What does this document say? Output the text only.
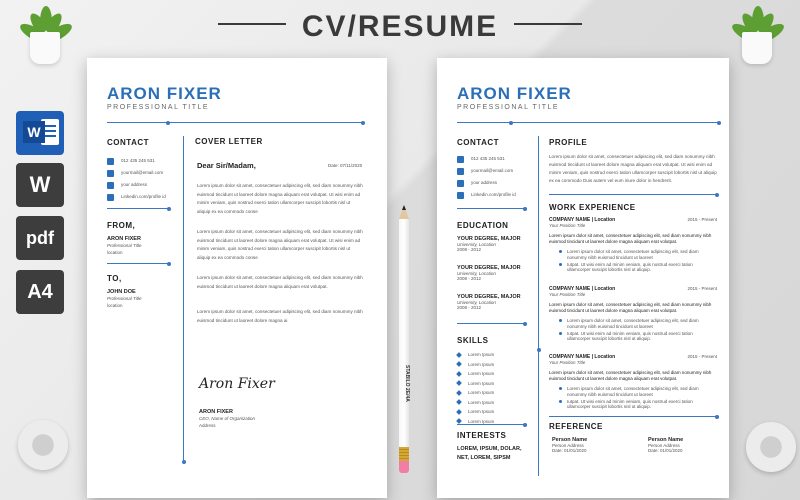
CV/RESUME
W
W
pdf
A4
ARON FIXER
PROFESSIONAL TITLE
CONTACT
012 435 245 531
yourmail@email.com
your address
Linkedin.com/profile id
FROM,
ARON FIXER
Professional Title
location
TO,
JOHN DOE
Professional Title
location
COVER LETTER
Dear Sir/Madam,	Date: 07/11/2020
Lorem ipsum dolor sit amet, consectetuer adipiscing elit, sed diam nonummy nibh euismod tincidunt ut laoreet dolore magna aliquam erat volutpat. Ut wisi enim ad minim veniam, quis nostrud exerci tation ullamcorper suscipit lobortis nisl ut aliquip ex ea commodo conse
Lorem ipsum dolor sit amet, consectetuer adipiscing elit, sed diam nonummy nibh euismod tincidunt ut laoreet dolore magna aliquam erat volutpat. Ut wisi enim ad minim veniam, quis nostrud exerci tation ullamcorper suscipit lobortis nisl ut aliquip ex ea commodo conse
Lorem ipsum dolor sit amet, consectetuer adipiscing elit, sed diam nonummy nibh euismod tincidunt ut laoreet dolore magna aliquam erat volutpat.
Lorem ipsum dolor sit amet, consectetuer adipiscing elit, sed diam nonummy nibh euismod tincidunt ut laoreet dolore magna ai
Aron Fixer
ARON FIXER
CEO, Name of Organization
Address
ARON FIXER
PROFESSIONAL TITLE
CONTACT
012 435 245 531
yourmail@email.com
your address
Linkedin.com/profile id
EDUCATION
YOUR DEGREE, MAJOR
University, Location
2008 - 2012
YOUR DEGREE, MAJOR
University, Location
2008 - 2012
YOUR DEGREE, MAJOR
University, Location
2008 - 2012
SKILLS
Lorem Ipsum
Lorem Ipsum
Lorem Ipsum
Lorem Ipsum
Lorem Ipsum
Lorem Ipsum
Lorem Ipsum
Lorem Ipsum
INTERESTS
LOREM, IPSUM, DOLAR, NET, LOREM, SIPSM
PROFILE
Lorem ipsum dolor sit amet, consectetuer adipiscing elit, sed diam nonummy nibh euismod tincidunt ut laoreet dolore magna aliquam erat volutpat. Ut wisi enim ad minim veniam, quis nostrud exerci tation ullamcorper suscipit lobortis nisl ut aliquip ex ea commodo Duis autem vel eum iriure dolor in hendrerit.
WORK EXPERIENCE
COMPANY NAME | Location	2015 - Present
Your Position Title
Lorem ipsum dolor sit amet, consectetuer adipiscing elit, sed diam nonummy nibh euismod tincidunt ut laoreet dolore magna aliquam erat volutpat.
Lorem ipsum dolor sit amet, consectetuer adipiscing elit, sed diam nonummy nibh euismod tincidunt ut laoreet
Iutpat. Ut wisi enim ad minim veniam, quis nostrud exerci tation ullamcorper suscipit lobortis nisl ut aliquip.
COMPANY NAME | Location	2015 - Present
Your Position Title
Lorem ipsum dolor sit amet, consectetuer adipiscing elit, sed diam nonummy nibh euismod tincidunt ut laoreet dolore magna aliquam erat volutpat.
Lorem ipsum dolor sit amet, consectetuer adipiscing elit, sed diam nonummy nibh euismod tincidunt ut laoreet
Iutpat. Ut wisi enim ad minim veniam, quis nostrud exerci tation ullamcorper suscipit lobortis nisl ut aliquip.
COMPANY NAME | Location	2015 - Present
Your Position Title
Lorem ipsum dolor sit amet, consectetuer adipiscing elit, sed diam nonummy nibh euismod tincidunt ut laoreet dolore magna aliquam erat volutpat.
Lorem ipsum dolor sit amet, consectetuer adipiscing elit, sed diam nonummy nibh euismod tincidunt ut laoreet
Iutpat. Ut wisi enim ad minim veniam, quis nostrud exerci tation ullamcorper suscipit lobortis nisl ut aliquip.
REFERENCE
Person Name
Person Address
Date: 01/01/2020
Person Name
Person Address
Date: 01/01/2020
STABILO 2E/4A
